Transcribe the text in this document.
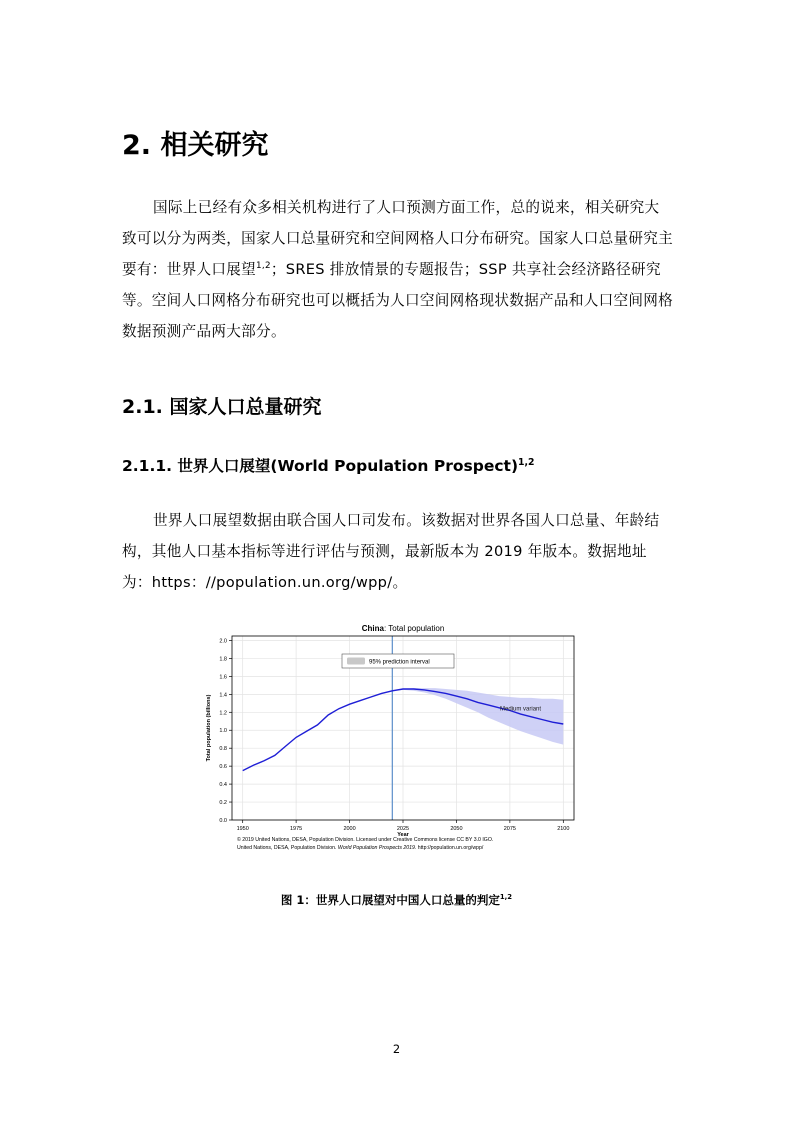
2. 相关研究

国际上已经有众多相关机构进行了人口预测方面工作，总的说来，相关研究大致可以分为两类，国家人口总量研究和空间网格人口分布研究。国家人口总量研究主要有：世界人口展望$^{1,2}$；SRES 排放情景的专题报告；SSP 共享社会经济路径研究等。空间人口网格分布研究也可以概括为人口空间网格现状数据产品和人口空间网格数据预测产品两大部分。

2.1. 国家人口总量研究
2.1.1. 世界人口展望(World Population Prospect)$^{1,2}$

世界人口展望数据由联合国人口司发布。该数据对世界各国人口总量、年龄结构，其他人口基本指标等进行评估与预测，最新版本为 2019 年版本。数据地址为：https：//population.un.org/wpp/。

1950	1975	2000	2025	2050	2075	2100
0.0
0.2
0.4
0.6
0.8
1.0
1.2
1.4
1.6
1.8
2.0
China: Total population
Year
Total population (billions)
95% prediction interval
Medium variant
© 2019 United Nations, DESA, Population Division. Licensed under Creative Commons license CC BY 3.0 IGO.
United Nations, DESA, Population Division. World Population Prospects 2019. http://population.un.org/wpp/
图 1：世界人口展望对中国人口总量的判定$^{1,2}$
2
